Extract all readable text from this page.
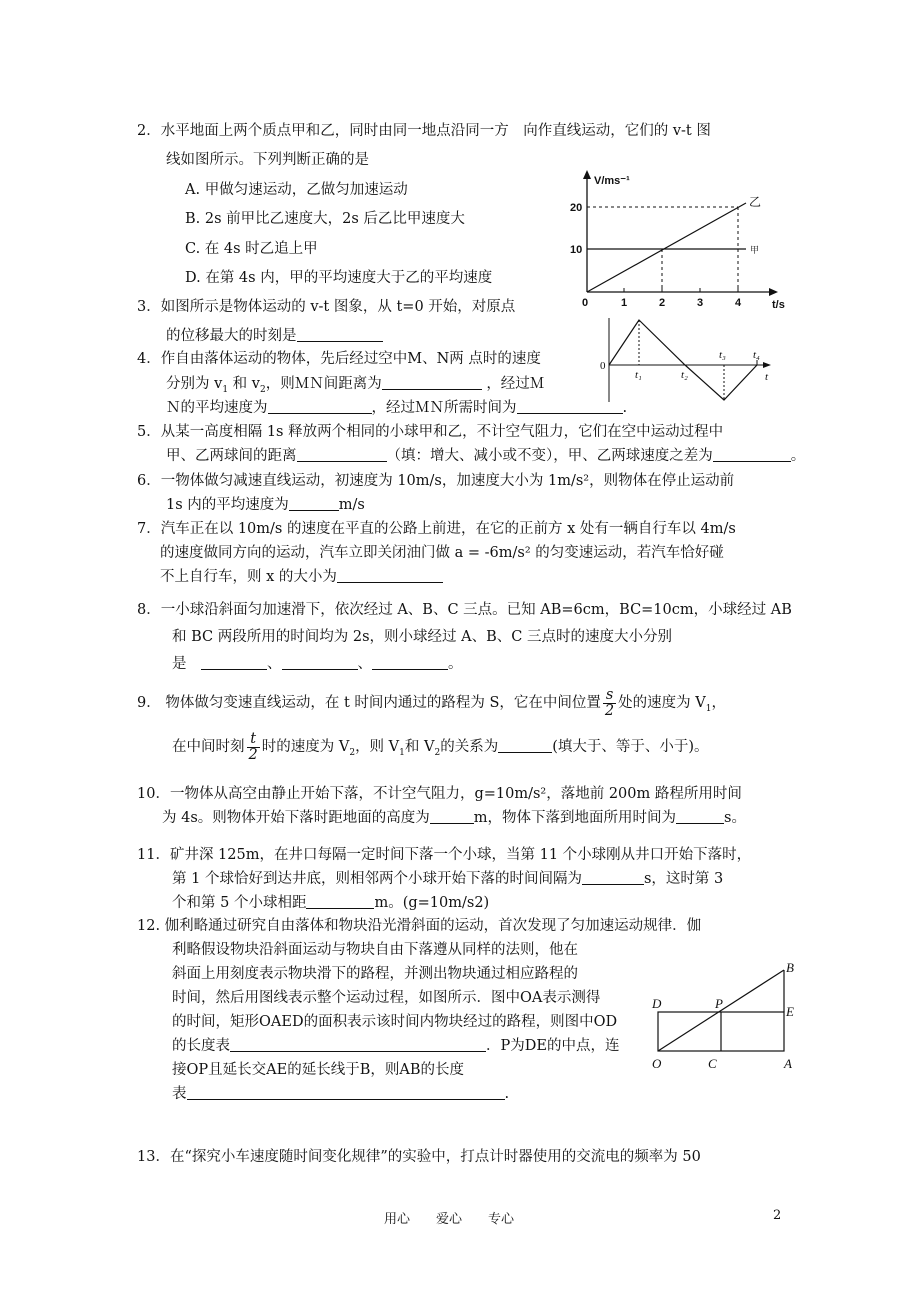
2．水平地面上两个质点甲和乙，同时由同一地点沿同一方　向作直线运动，它们的 v-t 图
线如图所示。下列判断正确的是
A. 甲做匀速运动，乙做匀加速运动
B. 2s 前甲比乙速度大，2s 后乙比甲速度大
C. 在 4s 时乙追上甲
D. 在第 4s 内，甲的平均速度大于乙的平均速度
V/ms⁻¹
t/s
20
10
0	1	2	3	4
乙
甲
3．如图所示是物体运动的 v-t 图象，从 t=0 开始，对原点
的位移最大的时刻是
0
t₁	t₂
t₃ t₄
t
4．作自由落体运动的物体，先后经过空中M、N两 点时的速度
分别为 $v_1$ 和 $v_2$，则ＭＮ间距离为	，经过Ｍ
Ｎ的平均速度为	，经过ＭＮ所需时间为	.
5．从某一高度相隔 1s 释放两个相同的小球甲和乙，不计空气阻力，它们在空中运动过程中
甲、乙两球间的距离	（填：增大、减小或不变），甲、乙两球速度之差为	。
6．一物体做匀减速直线运动，初速度为 10m/s，加速度大小为 1m/s²，则物体在停止运动前
1s 内的平均速度为	m/s
7．汽车正在以 10m/s 的速度在平直的公路上前进，在它的正前方 x 处有一辆自行车以 4m/s
的速度做同方向的运动，汽车立即关闭油门做 a = -6m/s² 的匀变速运动，若汽车恰好碰
不上自行车，则 x 的大小为
8．一小球沿斜面匀加速滑下，依次经过 A、B、C 三点。已知 AB=6cm，BC=10cm，小球经过 AB
和 BC 两段所用的时间均为 2s，则小球经过 A、B、C 三点时的速度大小分别
是　	、	、	。
9． 物体做匀变速直线运动，在 t 时间内通过的路程为 S，它在中间位置 $\frac{s}{2}$ 处的速度为 $V_1$，
在中间时刻 $\frac{t}{2}$ 时的速度为 $V_2$，则 $V_1$和 $V_2$的关系为	(填大于、等于、小于)。
10．一物体从高空由静止开始下落，不计空气阻力，g=10m/s²，落地前 200m 路程所用时间
为 4s。则物体开始下落时距地面的高度为	m，物体下落到地面所用时间为	s。
11．矿井深 125m，在井口每隔一定时间下落一个小球，当第 11 个小球刚从井口开始下落时，
第 1 个球恰好到达井底，则相邻两个小球开始下落的时间间隔为	s，这时第 3
个和第 5 个小球相距	m。(g=10m/s2)
12. 伽利略通过研究自由落体和物块沿光滑斜面的运动，首次发现了匀加速运动规律．伽
利略假设物块沿斜面运动与物块自由下落遵从同样的法则，他在
斜面上用刻度表示物块滑下的路程，并测出物块通过相应路程的
时间，然后用图线表示整个运动过程，如图所示．图中OA表示测得
的时间，矩形OAED的面积表示该时间内物块经过的路程，则图中OD
的长度表	．P为DE的中点，连
接OP且延长交AE的延长线于B，则AB的长度
表	.
B
D	P
E
O	C	A
13．在“探究小车速度随时间变化规律”的实验中，打点计时器使用的交流电的频率为 50
用心　　爱心　　专心	2
